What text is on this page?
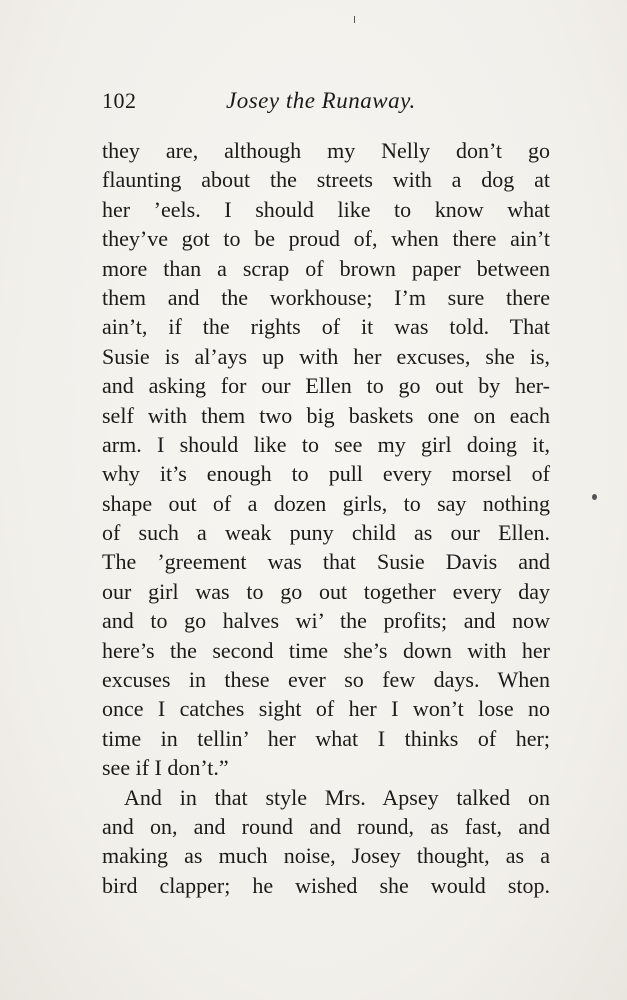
102	Josey the Runaway.
they are, although my Nelly don’t go
flaunting about the streets with a dog at
her ’eels. I should like to know what
they’ve got to be proud of, when there ain’t
more than a scrap of brown paper between
them and the workhouse; I’m sure there
ain’t, if the rights of it was told. That
Susie is al’ays up with her excuses, she is,
and asking for our Ellen to go out by her-
self with them two big baskets one on each
arm. I should like to see my girl doing it,
why it’s enough to pull every morsel of
shape out of a dozen girls, to say nothing
of such a weak puny child as our Ellen.
The ’greement was that Susie Davis and
our girl was to go out together every day
and to go halves wi’ the profits; and now
here’s the second time she’s down with her
excuses in these ever so few days. When
once I catches sight of her I won’t lose no
time in tellin’ her what I thinks of her;
see if I don’t.”
And in that style Mrs. Apsey talked on
and on, and round and round, as fast, and
making as much noise, Josey thought, as a
bird clapper; he wished she would stop.
